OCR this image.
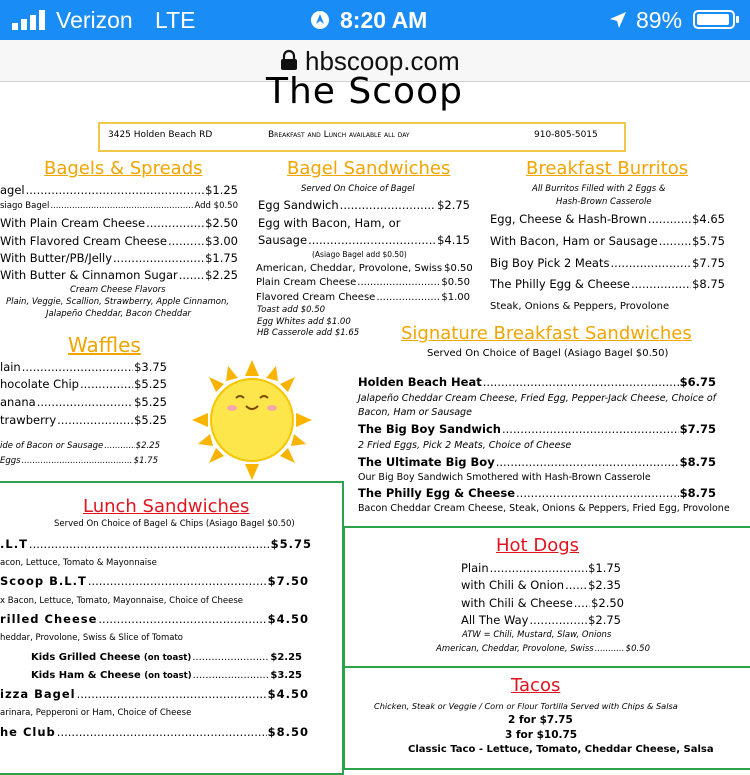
Verizon LTE	8:20 AM	89%
hbscoop.com
The Scoop
3425 Holden Beach RD	Breakfast and Lunch available all day	910-805-5015
Bagels & Spreads
agel .....	$1.25
siago Bagel .....	Add $0.50
With Plain Cream Cheese .....	$2.50
With Flavored Cream Cheese .....	$3.00
With Butter/PB/Jelly .....	$1.75
With Butter & Cinnamon Sugar ..... $2.25
Cream Cheese Flavors
Plain, Veggie, Scallion, Strawberry, Apple Cinnamon,
Jalapeño Cheddar, Bacon Cheddar
Bagel Sandwiches
Served On Choice of Bagel
Egg Sandwich .....	$2.75
Egg with Bacon, Ham, or
Sausage .....	$4.15
(Asiago Bagel add $0.50)
American, Cheddar, Provolone, Swiss $0.50
Plain Cream Cheese .....	$0.50
Flavored Cream Cheese .....	$1.00
Toast add $0.50
Egg Whites add $1.00
HB Casserole add $1.65
Breakfast Burritos
All Burritos Filled with 2 Eggs &
Hash-Brown Casserole
Egg, Cheese & Hash-Brown .....	$4.65
With Bacon, Ham or Sausage .....	$5.75
Big Boy Pick 2 Meats .....	$7.75
The Philly Egg & Cheese .....	$8.75
Steak, Onions & Peppers, Provolone
Signature Breakfast Sandwiches
Served On Choice of Bagel (Asiago Bagel $0.50)
Holden Beach Heat .....	$6.75
Jalapeño Cheddar Cream Cheese, Fried Egg, Pepper-Jack Cheese, Choice of
Bacon, Ham or Sausage
The Big Boy Sandwich .....	$7.75
2 Fried Eggs, Pick 2 Meats, Choice of Cheese
The Ultimate Big Boy .....	$8.75
Our Big Boy Sandwich Smothered with Hash-Brown Casserole
The Philly Egg & Cheese .....	$8.75
Bacon Cheddar Cream Cheese, Steak, Onions & Peppers, Fried Egg, Provolone
Waffles
lain .....	$3.75
hocolate Chip .....	$5.25
anana .....	$5.25
trawberry .....	$5.25
ide of Bacon or Sausage .....	$2.25
Eggs .....	$1.75
Lunch Sandwiches
Served On Choice of Bagel & Chips (Asiago Bagel $0.50)
.L.T .....	$5.75
acon, Lettuce, Tomato & Mayonnaise
Scoop B.L.T .....	$7.50
x Bacon, Lettuce, Tomato, Mayonnaise, Choice of Cheese
rilled Cheese .....	$4.50
heddar, Provolone, Swiss & Slice of Tomato
Kids Grilled Cheese
(on toast) .....	$2.25
Kids Ham & Cheese
(on toast) .....	$3.25
izza Bagel .....	$4.50
arinara, Pepperoni or Ham, Choice of Cheese
he Club .....	$8.50
Hot Dogs
Plain .....	$1.75
with Chili & Onion ..... $2.35
with Chili & Cheese ..... $2.50
All The Way .....	$2.75
ATW = Chili, Mustard, Slaw, Onions
American, Cheddar, Provolone, Swiss .....	$0.50
Tacos
Chicken, Steak or Veggie / Corn or Flour Tortilla Served with Chips & Salsa
2 for $7.75
3 for $10.75
Classic Taco - Lettuce, Tomato, Cheddar Cheese, Salsa
